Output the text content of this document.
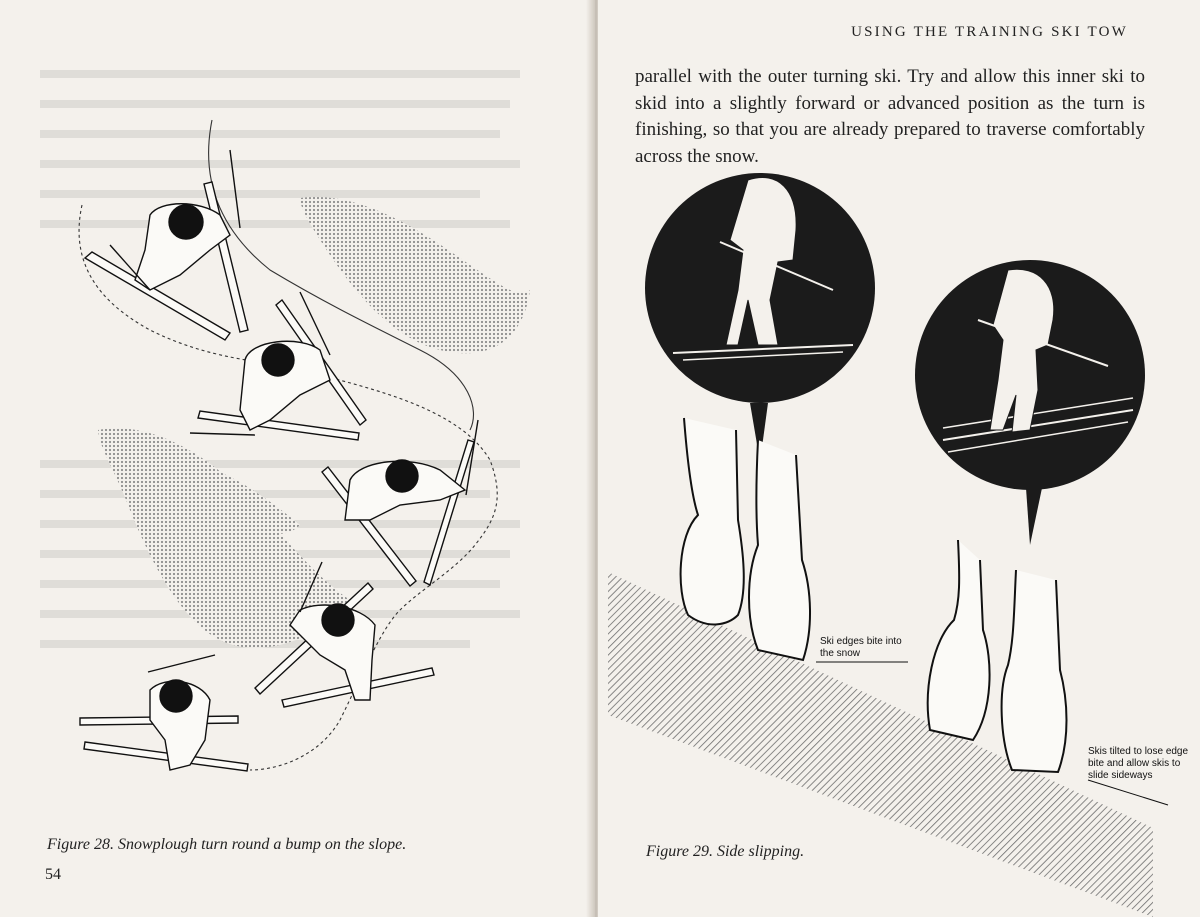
Figure 28. Snowplough turn round a bump on the slope.
54
USING THE TRAINING SKI TOW
parallel with the outer turning ski. Try and allow this inner ski to skid into a slightly forward or advanced position as the turn is finishing, so that you are already prepared to traverse comfortably across the snow.
Ski edges bite into the snow
Skis tilted to lose edge bite and allow skis to slide sideways
Figure 29. Side slipping.
